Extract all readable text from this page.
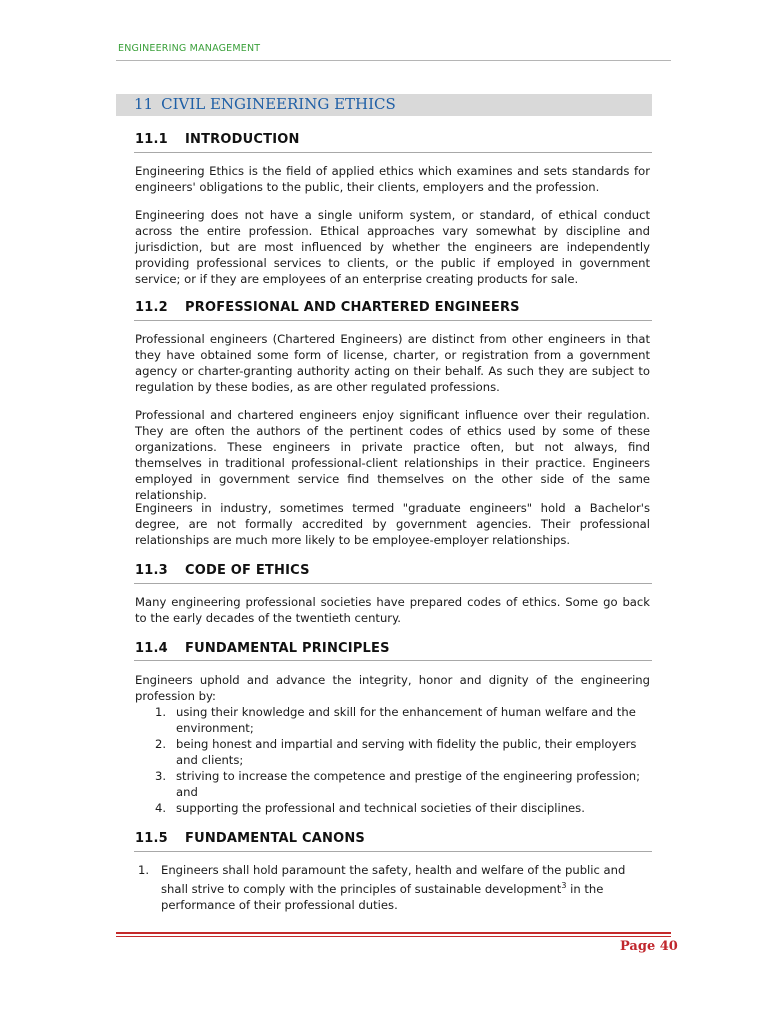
ENGINEERING MANAGEMENT
11 CIVIL ENGINEERING ETHICS
11.1 INTRODUCTION

Engineering Ethics is the field of applied ethics which examines and sets standards for engineers' obligations to the public, their clients, employers and the profession.

Engineering does not have a single uniform system, or standard, of ethical conduct across the entire profession. Ethical approaches vary somewhat by discipline and jurisdiction, but are most influenced by whether the engineers are independently providing professional services to clients, or the public if employed in government service; or if they are employees of an enterprise creating products for sale.

11.2 PROFESSIONAL AND CHARTERED ENGINEERS

Professional engineers (Chartered Engineers) are distinct from other engineers in that they have obtained some form of license, charter, or registration from a government agency or charter-granting authority acting on their behalf. As such they are subject to regulation by these bodies, as are other regulated professions.

Professional and chartered engineers enjoy significant influence over their regulation. They are often the authors of the pertinent codes of ethics used by some of these organizations. These engineers in private practice often, but not always, find themselves in traditional professional-client relationships in their practice. Engineers employed in government service find themselves on the other side of the same relationship.

Engineers in industry, sometimes termed "graduate engineers" hold a Bachelor's degree, are not formally accredited by government agencies. Their professional relationships are much more likely to be employee-employer relationships.

11.3 CODE OF ETHICS

Many engineering professional societies have prepared codes of ethics. Some go back to the early decades of the twentieth century.

11.4 FUNDAMENTAL PRINCIPLES

Engineers uphold and advance the integrity, honor and dignity of the engineering profession by:

1. using their knowledge and skill for the enhancement of human welfare and the environment;
2. being honest and impartial and serving with fidelity the public, their employers and clients;
3. striving to increase the competence and prestige of the engineering profession; and
4. supporting the professional and technical societies of their disciplines.
11.5 FUNDAMENTAL CANONS
1. Engineers shall hold paramount the safety, health and welfare of the public and shall strive to comply with the principles of sustainable development$^3$ in the performance of their professional duties.
Page 40
